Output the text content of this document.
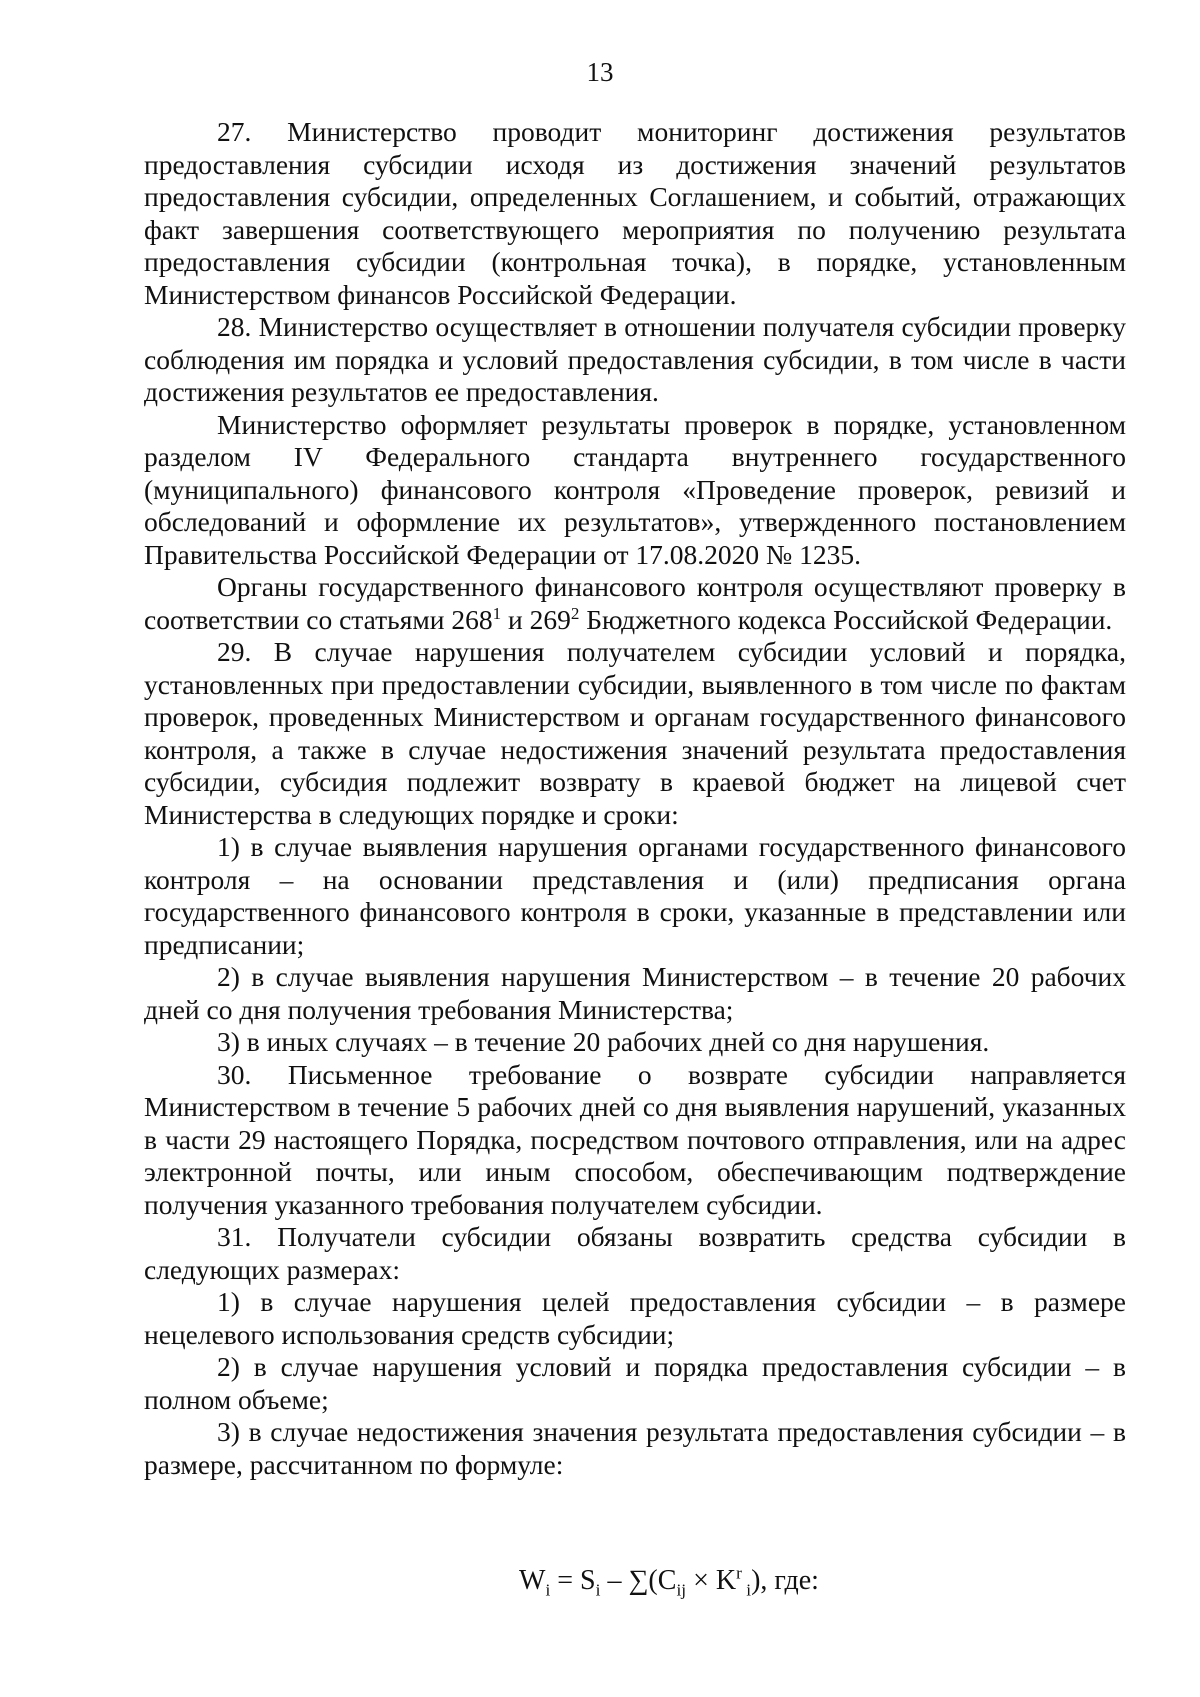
13

27. Министерство проводит мониторинг достижения результатов предоставления субсидии исходя из достижения значений результатов предоставления субсидии, определенных Соглашением, и событий, отражающих факт завершения соответствующего мероприятия по получению результата предоставления субсидии (контрольная точка), в порядке, установленным Министерством финансов Российской Федерации.

28. Министерство осуществляет в отношении получателя субсидии проверку соблюдения им порядка и условий предоставления субсидии, в том числе в части достижения результатов ее предоставления.

Министерство оформляет результаты проверок в порядке, установленном разделом IV Федерального стандарта внутреннего государственного (муниципального) финансового контроля «Проведение проверок, ревизий и обследований и оформление их результатов», утвержденного постановлением Правительства Российской Федерации от 17.08.2020 № 1235.

Органы государственного финансового контроля осуществляют проверку в соответствии со статьями $268^1$ и $269^2$ Бюджетного кодекса Российской Федерации.

29. В случае нарушения получателем субсидии условий и порядка, установленных при предоставлении субсидии, выявленного в том числе по фактам проверок, проведенных Министерством и органам государственного финансового контроля, а также в случае недостижения значений результата предоставления субсидии, субсидия подлежит возврату в краевой бюджет на лицевой счет Министерства в следующих порядке и сроки:

1) в случае выявления нарушения органами государственного финансового контроля – на основании представления и (или) предписания органа государственного финансового контроля в сроки, указанные в представлении или предписании;

2) в случае выявления нарушения Министерством – в течение 20 рабочих дней со дня получения требования Министерства;

3) в иных случаях – в течение 20 рабочих дней со дня нарушения.

30. Письменное требование о возврате субсидии направляется Министерством в течение 5 рабочих дней со дня выявления нарушений, указанных в части 29 настоящего Порядка, посредством почтового отправления, или на адрес электронной почты, или иным способом, обеспечивающим подтверждение получения указанного требования получателем субсидии.

31. Получатели субсидии обязаны возвратить средства субсидии в следующих размерах:

1) в случае нарушения целей предоставления субсидии – в размере нецелевого использования средств субсидии;

2) в случае нарушения условий и порядка предоставления субсидии – в полном объеме;

3) в случае недостижения значения результата предоставления субсидии – в размере, рассчитанном по формуле:

$W_i = S_i - \sum(C_{ij} \times K^r$ $_i$), где:
